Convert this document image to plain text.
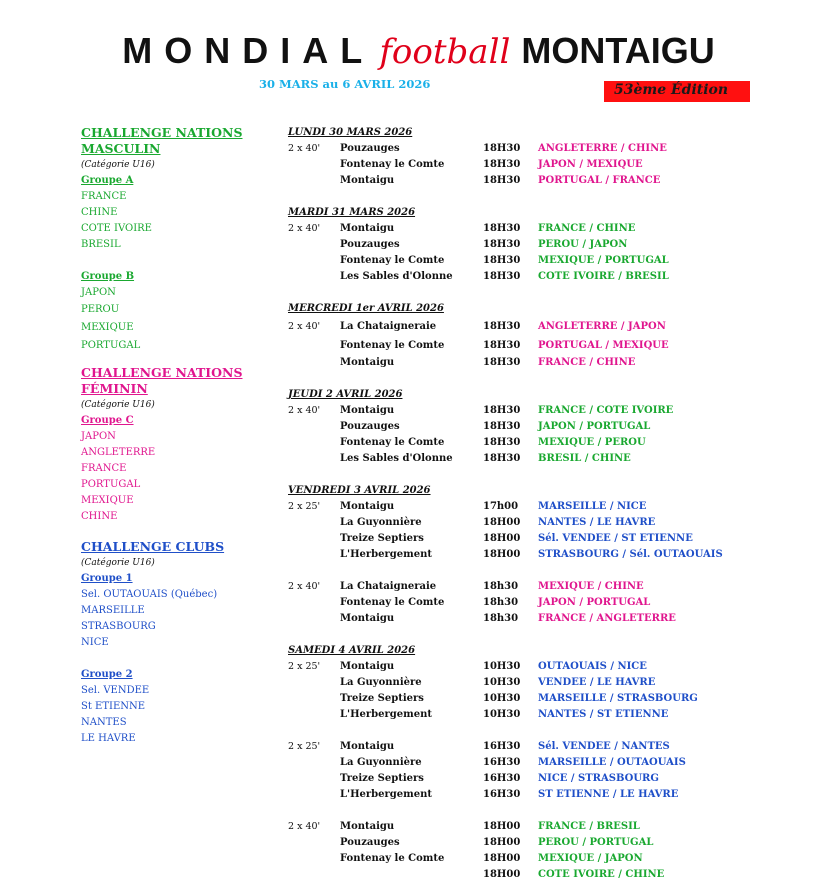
MONDIAL football MONTAIGU
30 MARS au 6 AVRIL 2026	53ème Édition
CHALLENGE NATIONS
MASCULIN
(Catégorie U16)
Groupe A
FRANCE
CHINE
COTE IVOIRE
BRESIL
Groupe B
JAPON
PEROU
MEXIQUE
PORTUGAL
CHALLENGE NATIONS
FÉMININ
(Catégorie U16)
Groupe C
JAPON
ANGLETERRE
FRANCE
PORTUGAL
MEXIQUE
CHINE
CHALLENGE CLUBS
(Catégorie U16)
Groupe 1
Sel. OUTAOUAIS (Québec)
MARSEILLE
STRASBOURG
NICE
Groupe 2
Sel. VENDEE
St ETIENNE
NANTES
LE HAVRE
LUNDI 30 MARS 2026
2 x 40'	Pouzauges	18H30	ANGLETERRE / CHINE
Fontenay le Comte	18H30	JAPON / MEXIQUE
Montaigu	18H30	PORTUGAL / FRANCE
MARDI 31 MARS 2026
2 x 40'	Montaigu	18H30	FRANCE / CHINE
Pouzauges	18H30	PEROU / JAPON
Fontenay le Comte	18H30	MEXIQUE / PORTUGAL
Les Sables d'Olonne	18H30	COTE IVOIRE / BRESIL
MERCREDI 1er AVRIL 2026
2 x 40'	La Chataigneraie	18H30	ANGLETERRE / JAPON
Fontenay le Comte	18H30	PORTUGAL / MEXIQUE
Montaigu	18H30	FRANCE / CHINE
JEUDI 2 AVRIL 2026
2 x 40'	Montaigu	18H30	FRANCE / COTE IVOIRE
Pouzauges	18H30	JAPON / PORTUGAL
Fontenay le Comte	18H30	MEXIQUE / PEROU
Les Sables d'Olonne	18H30	BRESIL / CHINE
VENDREDI 3 AVRIL 2026
2 x 25'	Montaigu	17h00	MARSEILLE / NICE
La Guyonnière	18H00	NANTES / LE HAVRE
Treize Septiers	18H00	Sél. VENDEE / ST ETIENNE
L'Herbergement	18H00	STRASBOURG / Sél. OUTAOUAIS
2 x 40'	La Chataigneraie	18h30	MEXIQUE / CHINE
Fontenay le Comte	18h30	JAPON / PORTUGAL
Montaigu	18h30	FRANCE / ANGLETERRE
SAMEDI 4 AVRIL 2026
2 x 25'	Montaigu	10H30	OUTAOUAIS / NICE
La Guyonnière	10H30	VENDEE / LE HAVRE
Treize Septiers	10H30	MARSEILLE / STRASBOURG
L'Herbergement	10H30	NANTES / ST ETIENNE
2 x 25'	Montaigu	16H30	Sél. VENDEE / NANTES
La Guyonnière	16H30	MARSEILLE / OUTAOUAIS
Treize Septiers	16H30	NICE / STRASBOURG
L'Herbergement	16H30	ST ETIENNE / LE HAVRE
2 x 40'	Montaigu	18H00	FRANCE / BRESIL
Pouzauges	18H00	PEROU / PORTUGAL
Fontenay le Comte	18H00	MEXIQUE / JAPON
18H00	COTE IVOIRE / CHINE
